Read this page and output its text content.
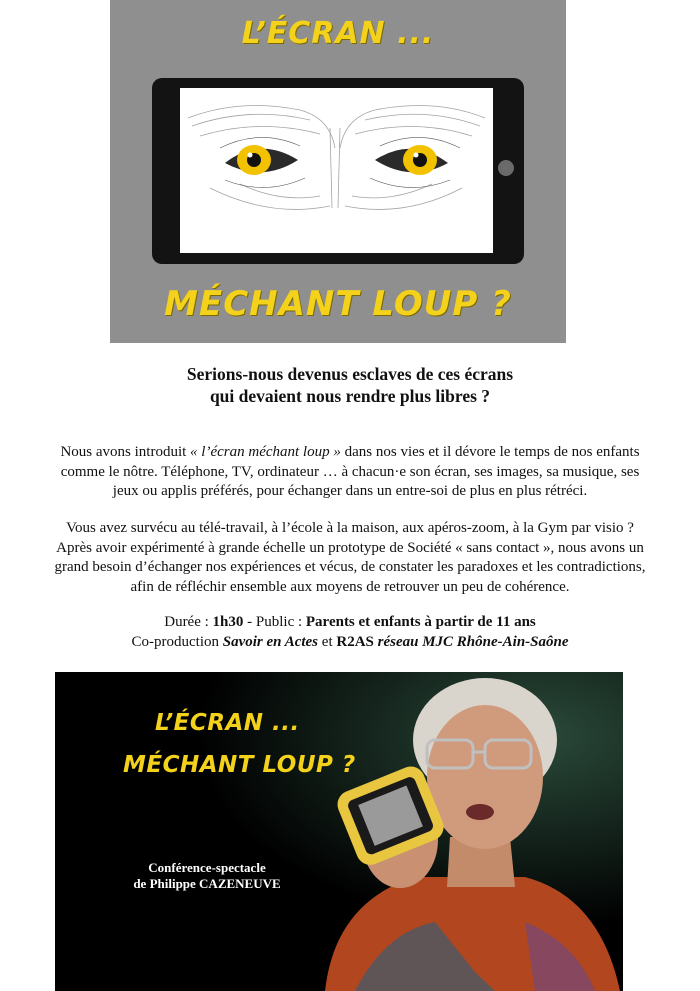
L’ÉCRAN ...
MÉCHANT LOUP ?
Serions-nous devenus esclaves de ces écrans
qui devaient nous rendre plus libres ?
Nous avons introduit « l’écran méchant loup » dans nos vies et il dévore le temps de nos enfants
comme le nôtre. Téléphone, TV, ordinateur … à chacun·e son écran, ses images, sa musique, ses
jeux ou applis préférés, pour échanger dans un entre-soi de plus en plus rétréci.
Vous avez survécu au télé-travail, à l’école à la maison, aux apéros-zoom, à la Gym par visio ?
Après avoir expérimenté à grande échelle un prototype de Société « sans contact », nous avons un
grand besoin d’échanger nos expériences et vécus, de constater les paradoxes et les contradictions,
afin de réfléchir ensemble aux moyens de retrouver un peu de cohérence.
Durée : 1h30 - Public : Parents et enfants à partir de 11 ans
Co-production Savoir en Actes et R2AS réseau MJC Rhône-Ain-Saône
L’ÉCRAN ...
MÉCHANT LOUP ?
Conférence-spectacle
de Philippe CAZENEUVE
